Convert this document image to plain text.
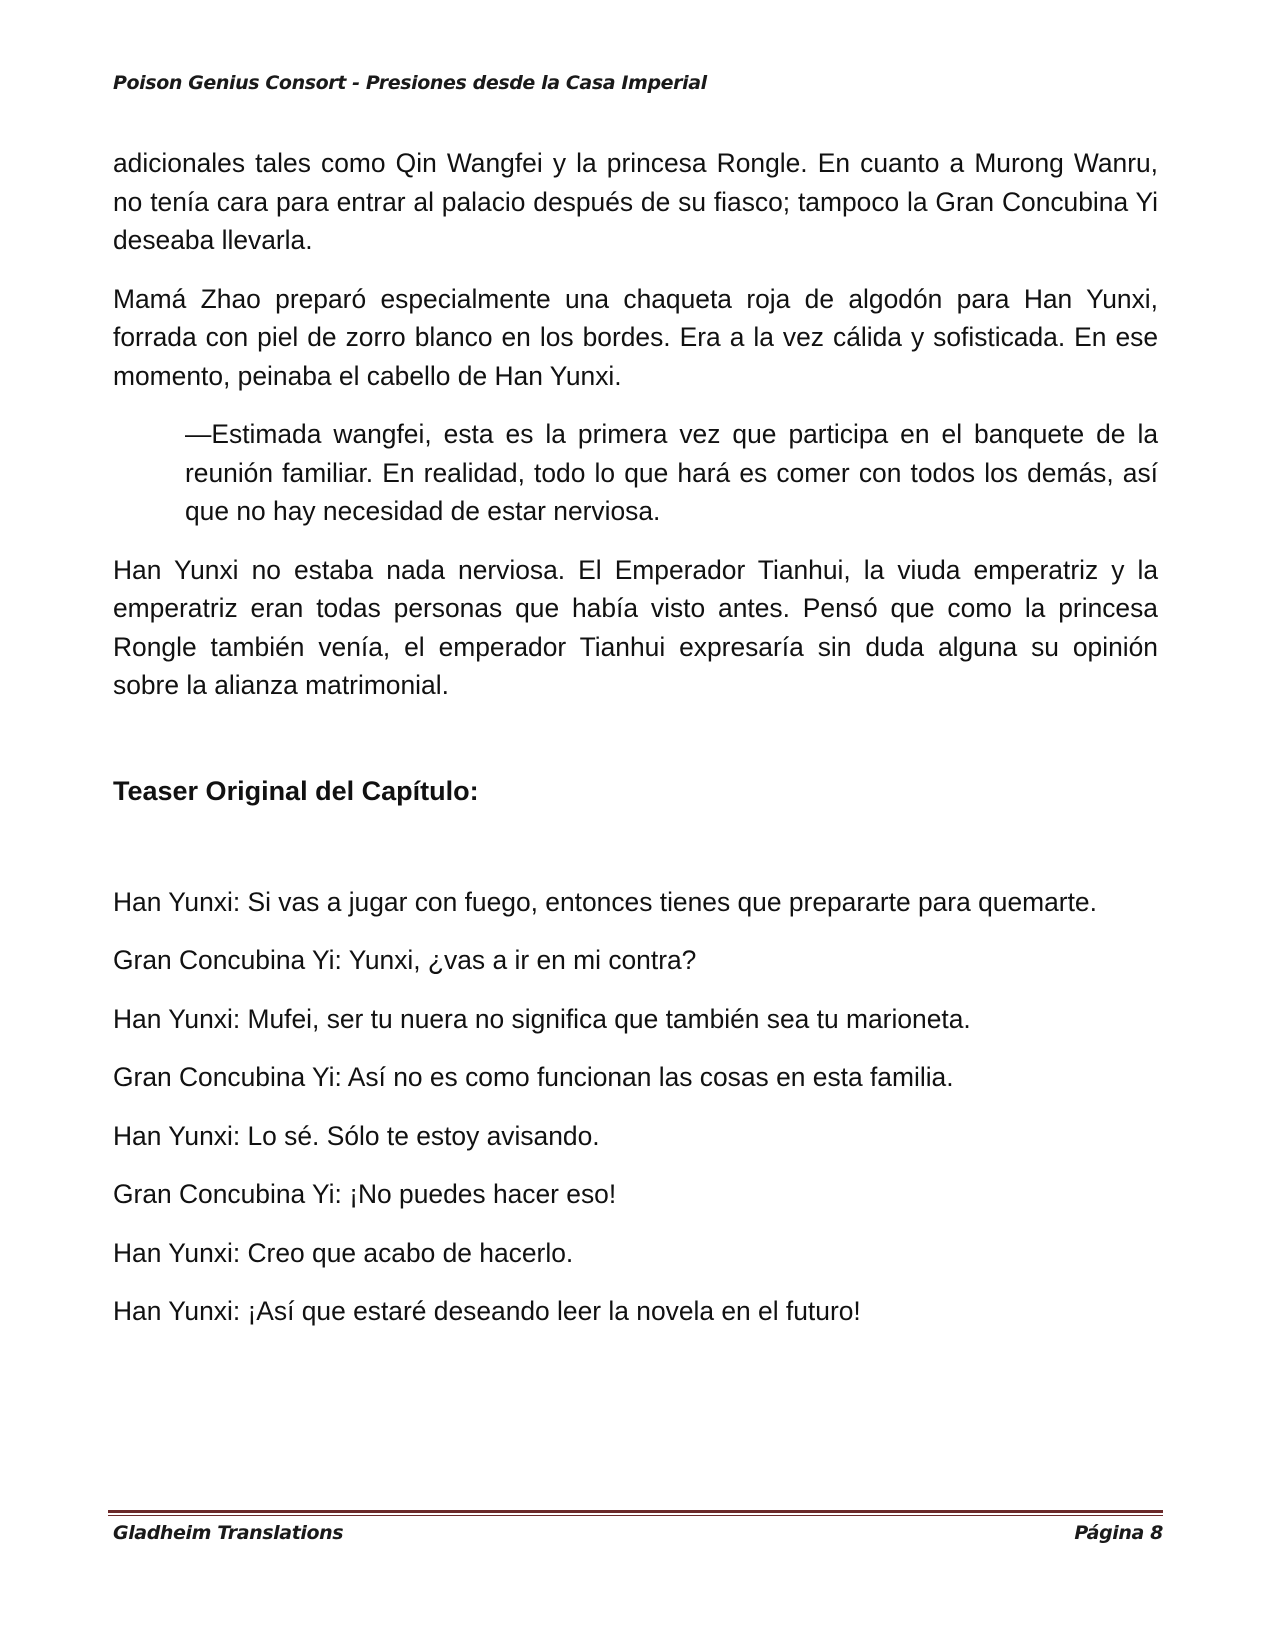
Poison Genius Consort - Presiones desde la Casa Imperial

adicionales tales como Qin Wangfei y la princesa Rongle. En cuanto a Murong Wanru, no tenía cara para entrar al palacio después de su fiasco; tampoco la Gran Concubina Yi deseaba llevarla.

Mamá Zhao preparó especialmente una chaqueta roja de algodón para Han Yunxi, forrada con piel de zorro blanco en los bordes. Era a la vez cálida y sofisticada. En ese momento, peinaba el cabello de Han Yunxi.

—Estimada wangfei, esta es la primera vez que participa en el banquete de la reunión familiar. En realidad, todo lo que hará es comer con todos los demás, así que no hay necesidad de estar nerviosa.

Han Yunxi no estaba nada nerviosa. El Emperador Tianhui, la viuda emperatriz y la emperatriz eran todas personas que había visto antes. Pensó que como la princesa Rongle también venía, el emperador Tianhui expresaría sin duda alguna su opinión sobre la alianza matrimonial.

Teaser Original del Capítulo:

Han Yunxi: Si vas a jugar con fuego, entonces tienes que prepararte para quemarte.

Gran Concubina Yi: Yunxi, ¿vas a ir en mi contra?

Han Yunxi: Mufei, ser tu nuera no significa que también sea tu marioneta.

Gran Concubina Yi: Así no es como funcionan las cosas en esta familia.

Han Yunxi: Lo sé. Sólo te estoy avisando.

Gran Concubina Yi: ¡No puedes hacer eso!

Han Yunxi: Creo que acabo de hacerlo.

Han Yunxi: ¡Así que estaré deseando leer la novela en el futuro!

Gladheim Translations	Página 8
